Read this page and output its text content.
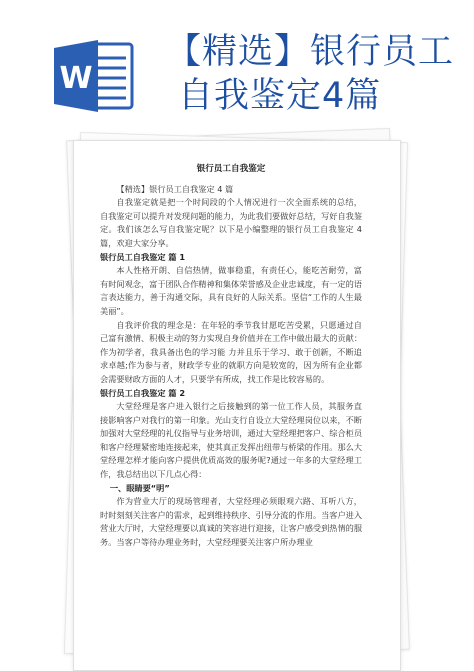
W
【精选】银行员工
自我鉴定4篇
银行员工自我鉴定

【精选】银行员工自我鉴定 4 篇

自我鉴定就是把一个时间段的个人情况进行一次全面系统的总结，自我鉴定可以提升对发现问题的能力，为此我们要做好总结，写好自我鉴定。我们该怎么写自我鉴定呢？以下是小编整理的银行员工自我鉴定 4 篇，欢迎大家分享。

银行员工自我鉴定 篇 1

本人性格开朗、自信热情，做事稳重，有责任心，能吃苦耐劳，富有时间观念，富于团队合作精神和集体荣誉感及企业忠诚度，有一定的语言表达能力，善于沟通交际，具有良好的人际关系。坚信“工作的人生最美丽”。

自我评价我的理念是：在年轻的季节我甘愿吃苦受累，只愿通过自己富有激情、积极主动的努力实现自身价值并在工作中做出最大的贡献：作为初学者，我具备出色的学习能 力并且乐于学习、敢于创新，不断追求卓越;作为参与者，财政学专业的就职方向是较宽的，因为所有企业都会需要财政方面的人才，只要学有所成，找工作是比较容易的。

银行员工自我鉴定 篇 2

大堂经理是客户进入银行之后接触到的第一位工作人员，其服务直接影响客户对我行的第一印象。光山支行自设立大堂经理岗位以来，不断加强对大堂经理的礼仪指导与业务培训，通过大堂经理把客户、综合柜员和客户经理紧密地连接起来，使其真正发挥出纽带与桥梁的作用。那么大堂经理怎样才能向客户提供优质高效的服务呢?通过一年多的大堂经理工作，我总结出以下几点心得：

一、眼睛要“明”

作为营业大厅的现场管理者，大堂经理必须眼观六路、耳听八方，时时刻刻关注客户的需求，起到维持秩序、引导分流的作用。当客户进入营业大厅时，大堂经理要以真诚的笑容进行迎接，让客户感受到热情的服务。当客户等待办理业务时，大堂经理要关注客户所办理业
